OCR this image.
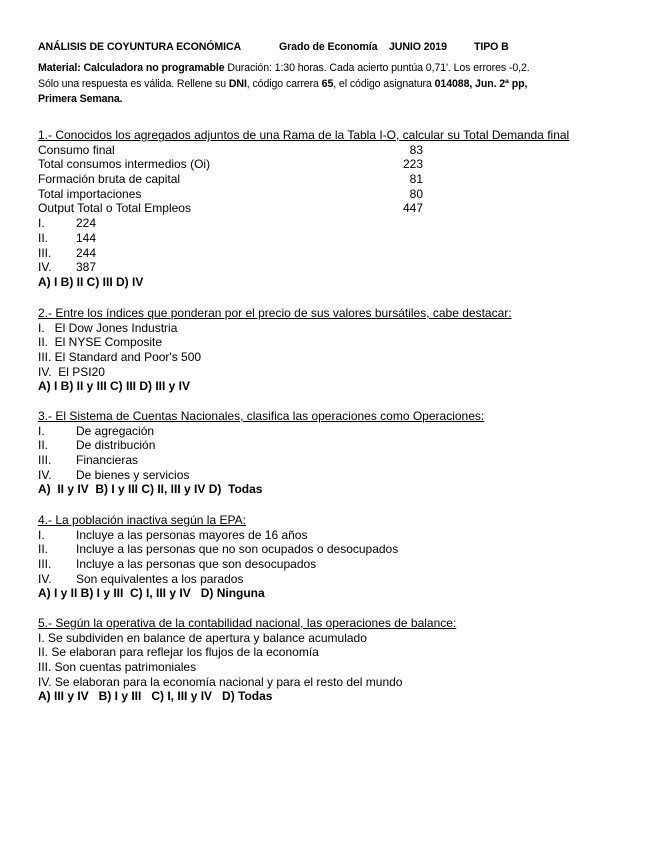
ANÁLISIS DE COYUNTURA ECONÓMICA	Grado de Economía JUNIO 2019	TIPO B
Material: Calculadora no programable Duración: 1:30 horas. Cada acierto puntúa 0,71'. Los errores -0,2.
Sólo una respuesta es válida. Rellene su DNI, código carrera 65, el código asignatura 014088, Jun. 2ª pp,
Primera Semana.
1.- Conocidos los agregados adjuntos de una Rama de la Tabla I-O, calcular su Total Demanda final
Consumo final	83
Total consumos intermedios (Oi)	223
Formación bruta de capital	81
Total importaciones	80
Output Total o Total Empleos	447
I.	224
II. 144
III. 244
IV. 387
A) I B) II C) III D) IV
2.- Entre los índices que ponderan por el precio de sus valores bursátiles, cabe destacar:
I.   El Dow Jones Industria
II.  El NYSE Composite
III. El Standard and Poor's 500
IV.  El PSI20
A) I B) II y III C) III D) III y IV
3.- El Sistema de Cuentas Nacionales, clasifica las operaciones como Operaciones:
I.	De agregación
II. De distribución
III. Financieras
IV. De bienes y servicios
A)  II y IV  B) I y III C) II, III y IV D)  Todas
4.- La población inactiva según la EPA:
I.	Incluye a las personas mayores de 16 años
II. Incluye a las personas que no son ocupados o desocupados
III. Incluye a las personas que son desocupados
IV. Son equivalentes a los parados
A) I y II B) I y III  C) I, III y IV   D) Ninguna
5.- Según la operativa de la contabilidad nacional, las operaciones de balance:
I. Se subdividen en balance de apertura y balance acumulado
II. Se elaboran para reflejar los flujos de la economía
III. Son cuentas patrimoniales
IV. Se elaboran para la economía nacional y para el resto del mundo
A) III y IV   B) I y III   C) I, III y IV   D) Todas
